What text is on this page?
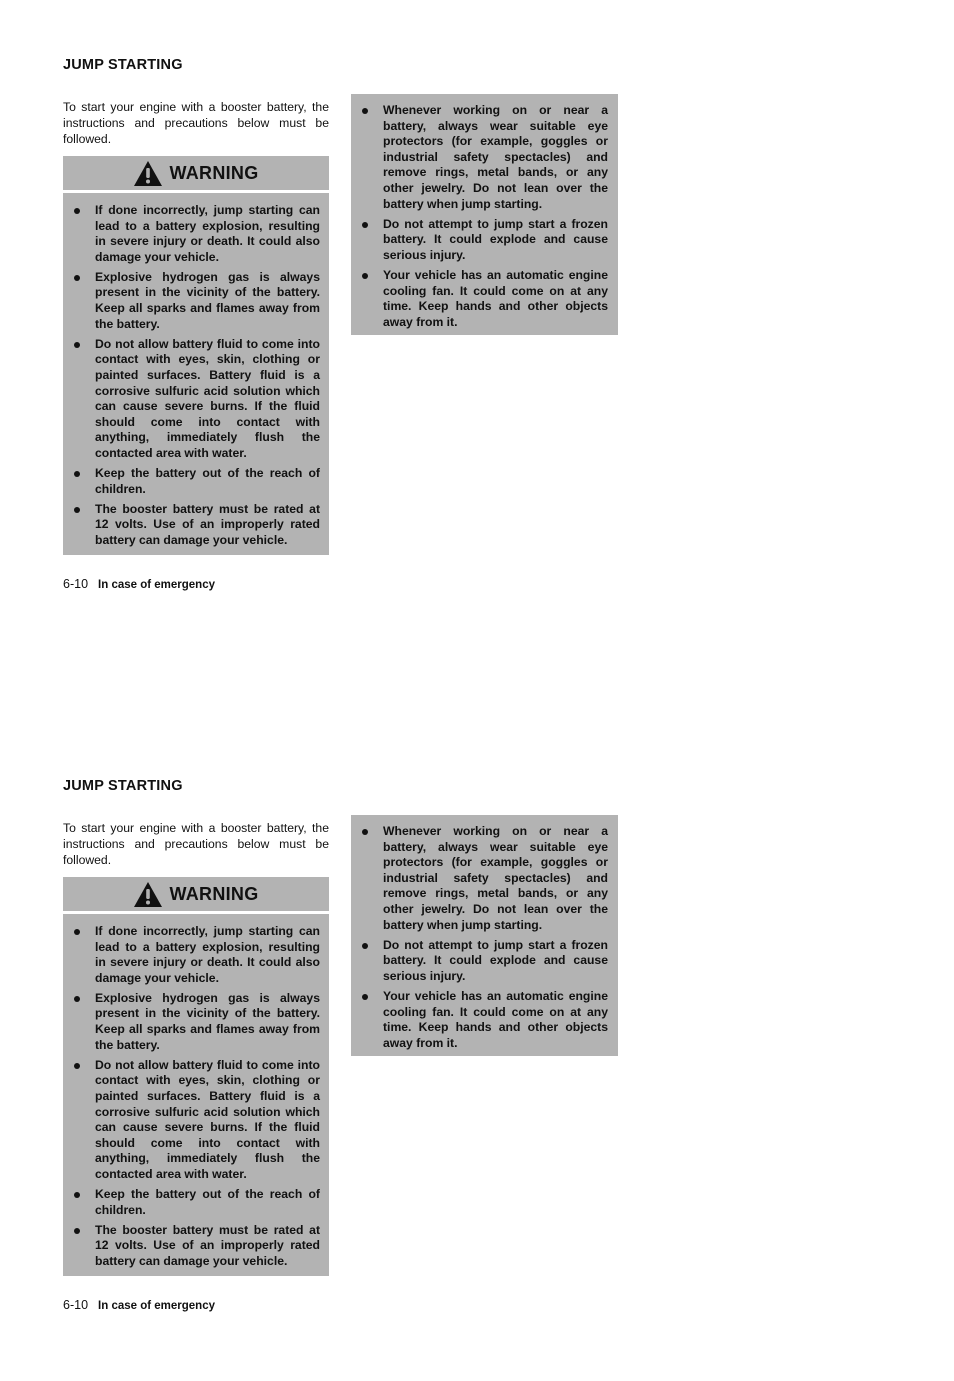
JUMP STARTING
To start your engine with a booster battery, the instructions and precautions below must be followed.
WARNING
If done incorrectly, jump starting can lead to a battery explosion, resulting in severe injury or death. It could also damage your vehicle.
Explosive hydrogen gas is always present in the vicinity of the battery. Keep all sparks and flames away from the battery.
Do not allow battery fluid to come into contact with eyes, skin, clothing or painted surfaces. Battery fluid is a corrosive sulfuric acid solution which can cause severe burns. If the fluid should come into contact with anything, immediately flush the contacted area with water.
Keep the battery out of the reach of children.
The booster battery must be rated at 12 volts. Use of an improperly rated battery can damage your vehicle.
Whenever working on or near a battery, always wear suitable eye protectors (for example, goggles or industrial safety spectacles) and remove rings, metal bands, or any other jewelry. Do not lean over the battery when jump starting.
Do not attempt to jump start a frozen battery. It could explode and cause serious injury.
Your vehicle has an automatic engine cooling fan. It could come on at any time. Keep hands and other objects away from it.
6-10 In case of emergency
JUMP STARTING
To start your engine with a booster battery, the instructions and precautions below must be followed.
WARNING
If done incorrectly, jump starting can lead to a battery explosion, resulting in severe injury or death. It could also damage your vehicle.
Explosive hydrogen gas is always present in the vicinity of the battery. Keep all sparks and flames away from the battery.
Do not allow battery fluid to come into contact with eyes, skin, clothing or painted surfaces. Battery fluid is a corrosive sulfuric acid solution which can cause severe burns. If the fluid should come into contact with anything, immediately flush the contacted area with water.
Keep the battery out of the reach of children.
The booster battery must be rated at 12 volts. Use of an improperly rated battery can damage your vehicle.
Whenever working on or near a battery, always wear suitable eye protectors (for example, goggles or industrial safety spectacles) and remove rings, metal bands, or any other jewelry. Do not lean over the battery when jump starting.
Do not attempt to jump start a frozen battery. It could explode and cause serious injury.
Your vehicle has an automatic engine cooling fan. It could come on at any time. Keep hands and other objects away from it.
6-10 In case of emergency
